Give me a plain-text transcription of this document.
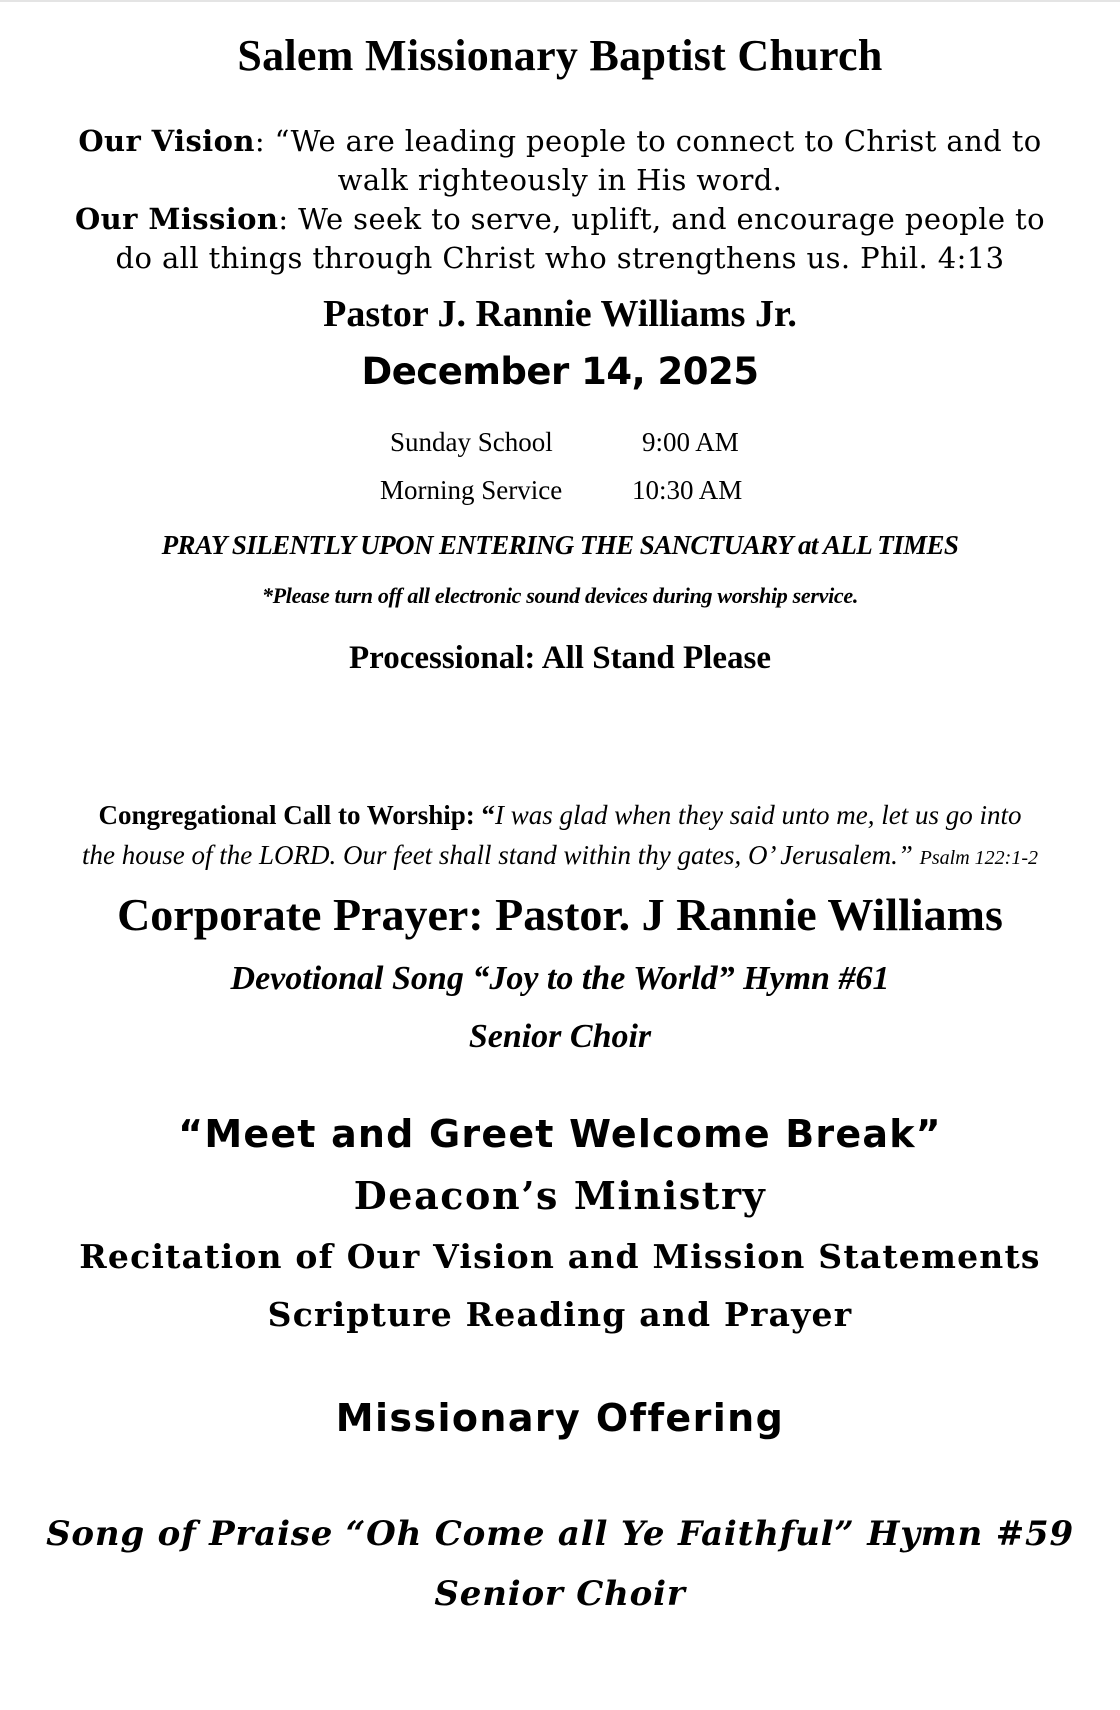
Salem Missionary Baptist Church
Our Vision: “We are leading people to connect to Christ and to
walk righteously in His word.
Our Mission: We seek to serve, uplift, and encourage people to
do all things through Christ who strengthens us. Phil. 4:13
Pastor J. Rannie Williams Jr.
December 14, 2025
Sunday School	9:00 AM
Morning Service	10:30 AM
PRAY SILENTLY UPON ENTERING THE SANCTUARY at ALL TIMES
*Please turn off all electronic sound devices during worship service.
Processional: All Stand Please
Congregational Call to Worship: “I was glad when they said unto me, let us go into
the house of the LORD. Our feet shall stand within thy gates, O’ Jerusalem.” Psalm 122:1-2
Corporate Prayer: Pastor. J Rannie Williams
Devotional Song “Joy to the World” Hymn #61
Senior Choir
“Meet and Greet Welcome Break”
Deacon’s Ministry
Recitation of Our Vision and Mission Statements
Scripture Reading and Prayer
Missionary Offering
Song of Praise “Oh Come all Ye Faithful” Hymn #59
Senior Choir
